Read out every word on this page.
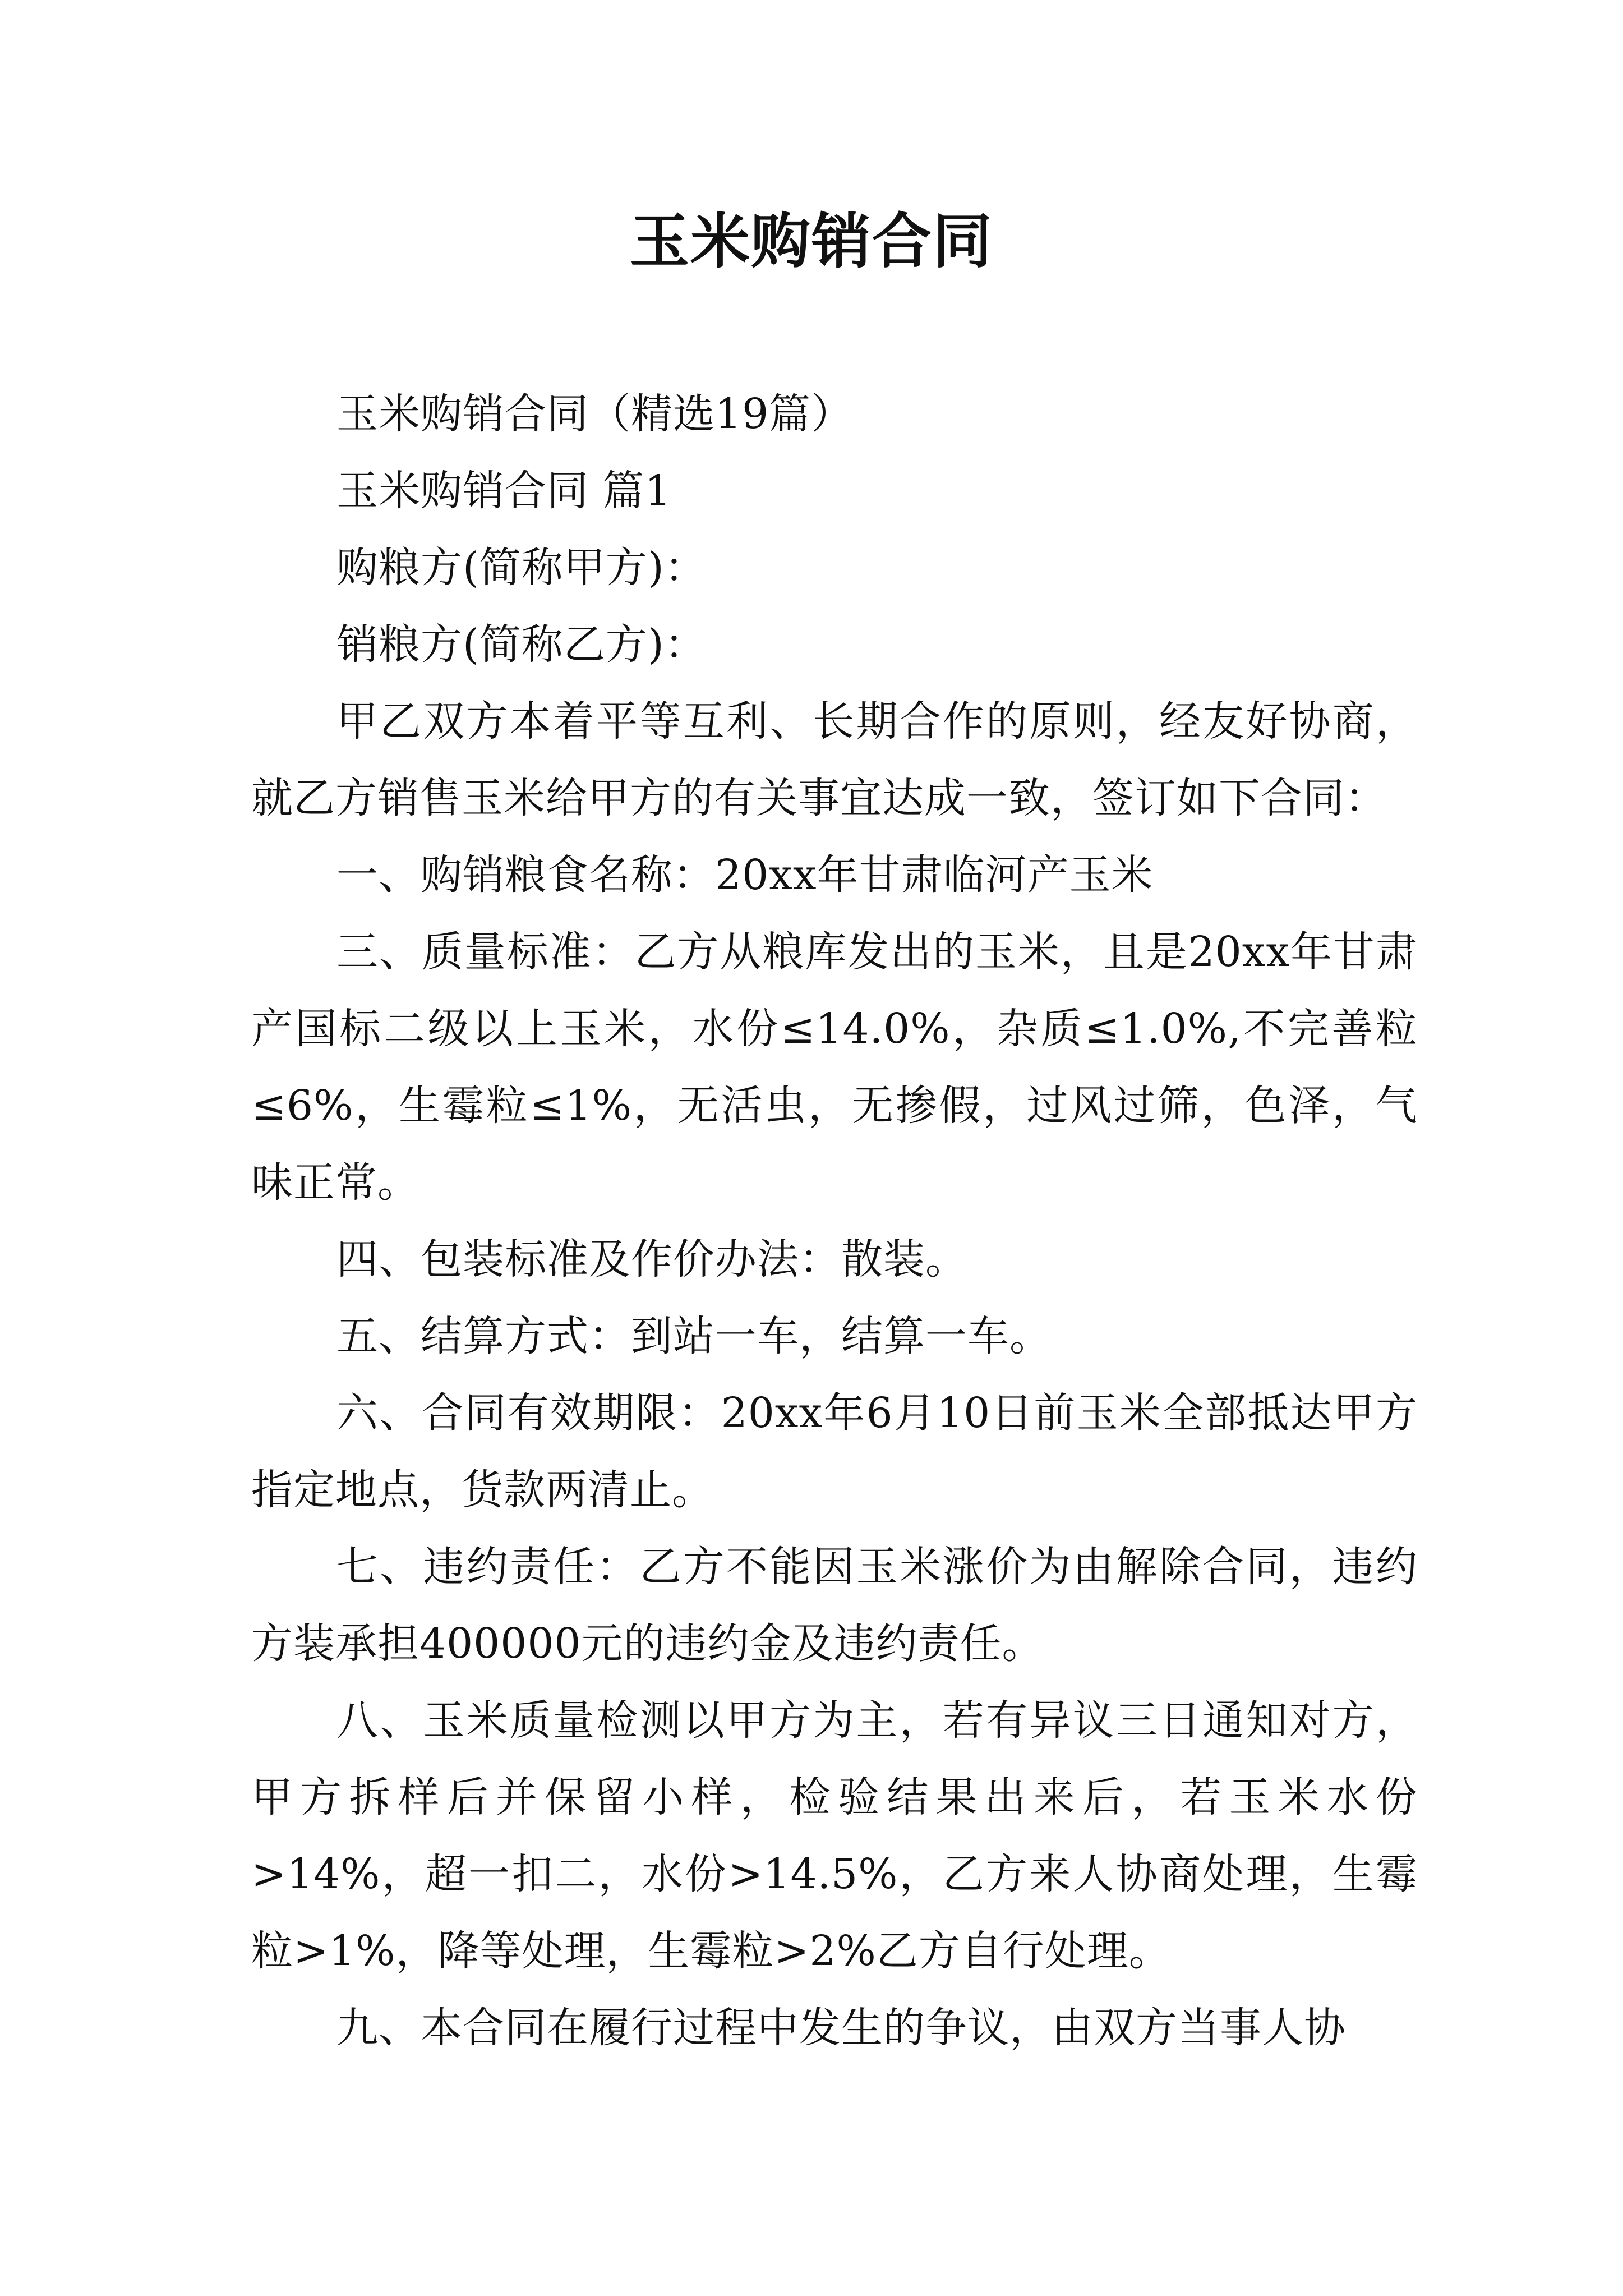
玉米购销合同

玉米购销合同（精选19篇）

玉米购销合同 篇1

购粮方(简称甲方)：

销粮方(简称乙方)：

甲乙双方本着平等互利、长期合作的原则，经友好协商，就乙方销售玉米给甲方的有关事宜达成一致，签订如下合同：

一、购销粮食名称：20xx年甘肃临河产玉米

三、质量标准：乙方从粮库发出的玉米，且是20xx年甘肃产国标二级以上玉米，水份≤14.0%，杂质≤1.0%,不完善粒≤6%，生霉粒≤1%，无活虫，无掺假，过风过筛，色泽，气味正常。

四、包装标准及作价办法：散装。

五、结算方式：到站一车，结算一车。

六、合同有效期限：20xx年6月10日前玉米全部抵达甲方指定地点，货款两清止。

七、违约责任：乙方不能因玉米涨价为由解除合同，违约方装承担400000元的违约金及违约责任。

八、玉米质量检测以甲方为主，若有异议三日通知对方，甲方拆样后并保留小样，检验结果出来后，若玉米水份>14%，超一扣二，水份>14.5%，乙方来人协商处理，生霉粒>1%，降等处理，生霉粒>2%乙方自行处理。

九、本合同在履行过程中发生的争议，由双方当事人协
